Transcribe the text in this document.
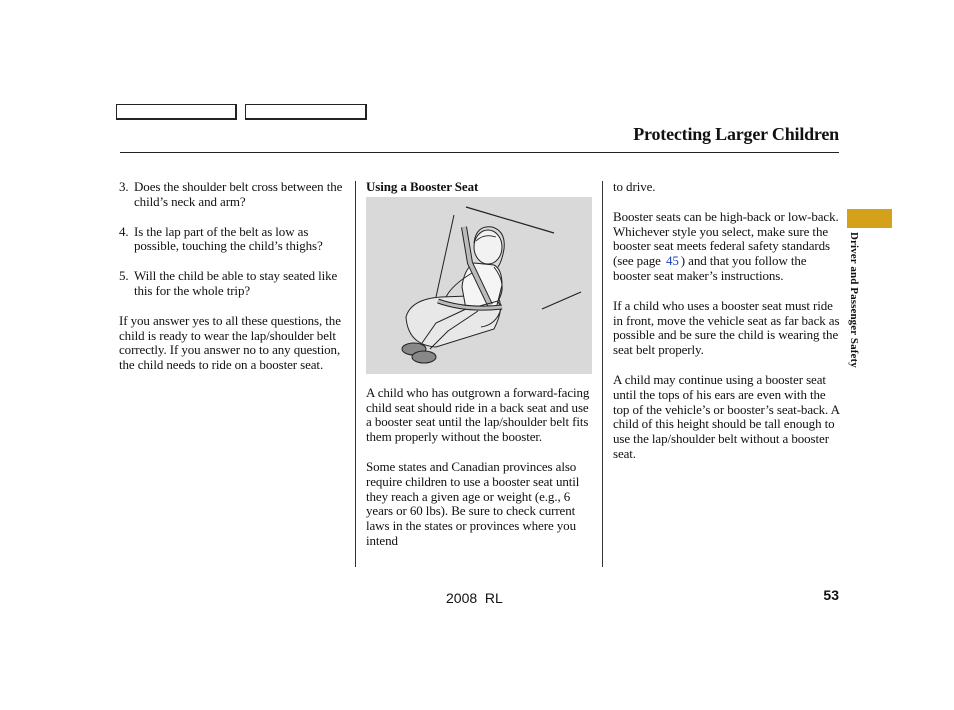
Protecting Larger Children
3. Does the shoulder belt cross between the child’s neck and arm?
4. Is the lap part of the belt as low as possible, touching the child’s thighs?
5. Will the child be able to stay seated like this for the whole trip?

If you answer yes to all these questions, the child is ready to wear the lap/shoulder belt correctly. If you answer no to any question, the child needs to ride on a booster seat.

Using a Booster Seat

A child who has outgrown a forward-facing child seat should ride in a back seat and use a booster seat until the lap/shoulder belt fits them properly without the booster.

Some states and Canadian provinces also require children to use a booster seat until they reach a given age or weight (e.g., 6 years or 60 lbs). Be sure to check current laws in the states or provinces where you intend

to drive.

Booster seats can be high-back or low-back. Whichever style you select, make sure the booster seat meets federal safety standards (see page 45 ) and that you follow the booster seat maker’s instructions.

If a child who uses a booster seat must ride in front, move the vehicle seat as far back as possible and be sure the child is wearing the seat belt properly.

A child may continue using a booster seat until the tops of his ears are even with the top of the vehicle’s or booster’s seat-back. A child of this height should be tall enough to use the lap/shoulder belt without a booster seat.

Driver and Passenger Safety
2008  RL	53
